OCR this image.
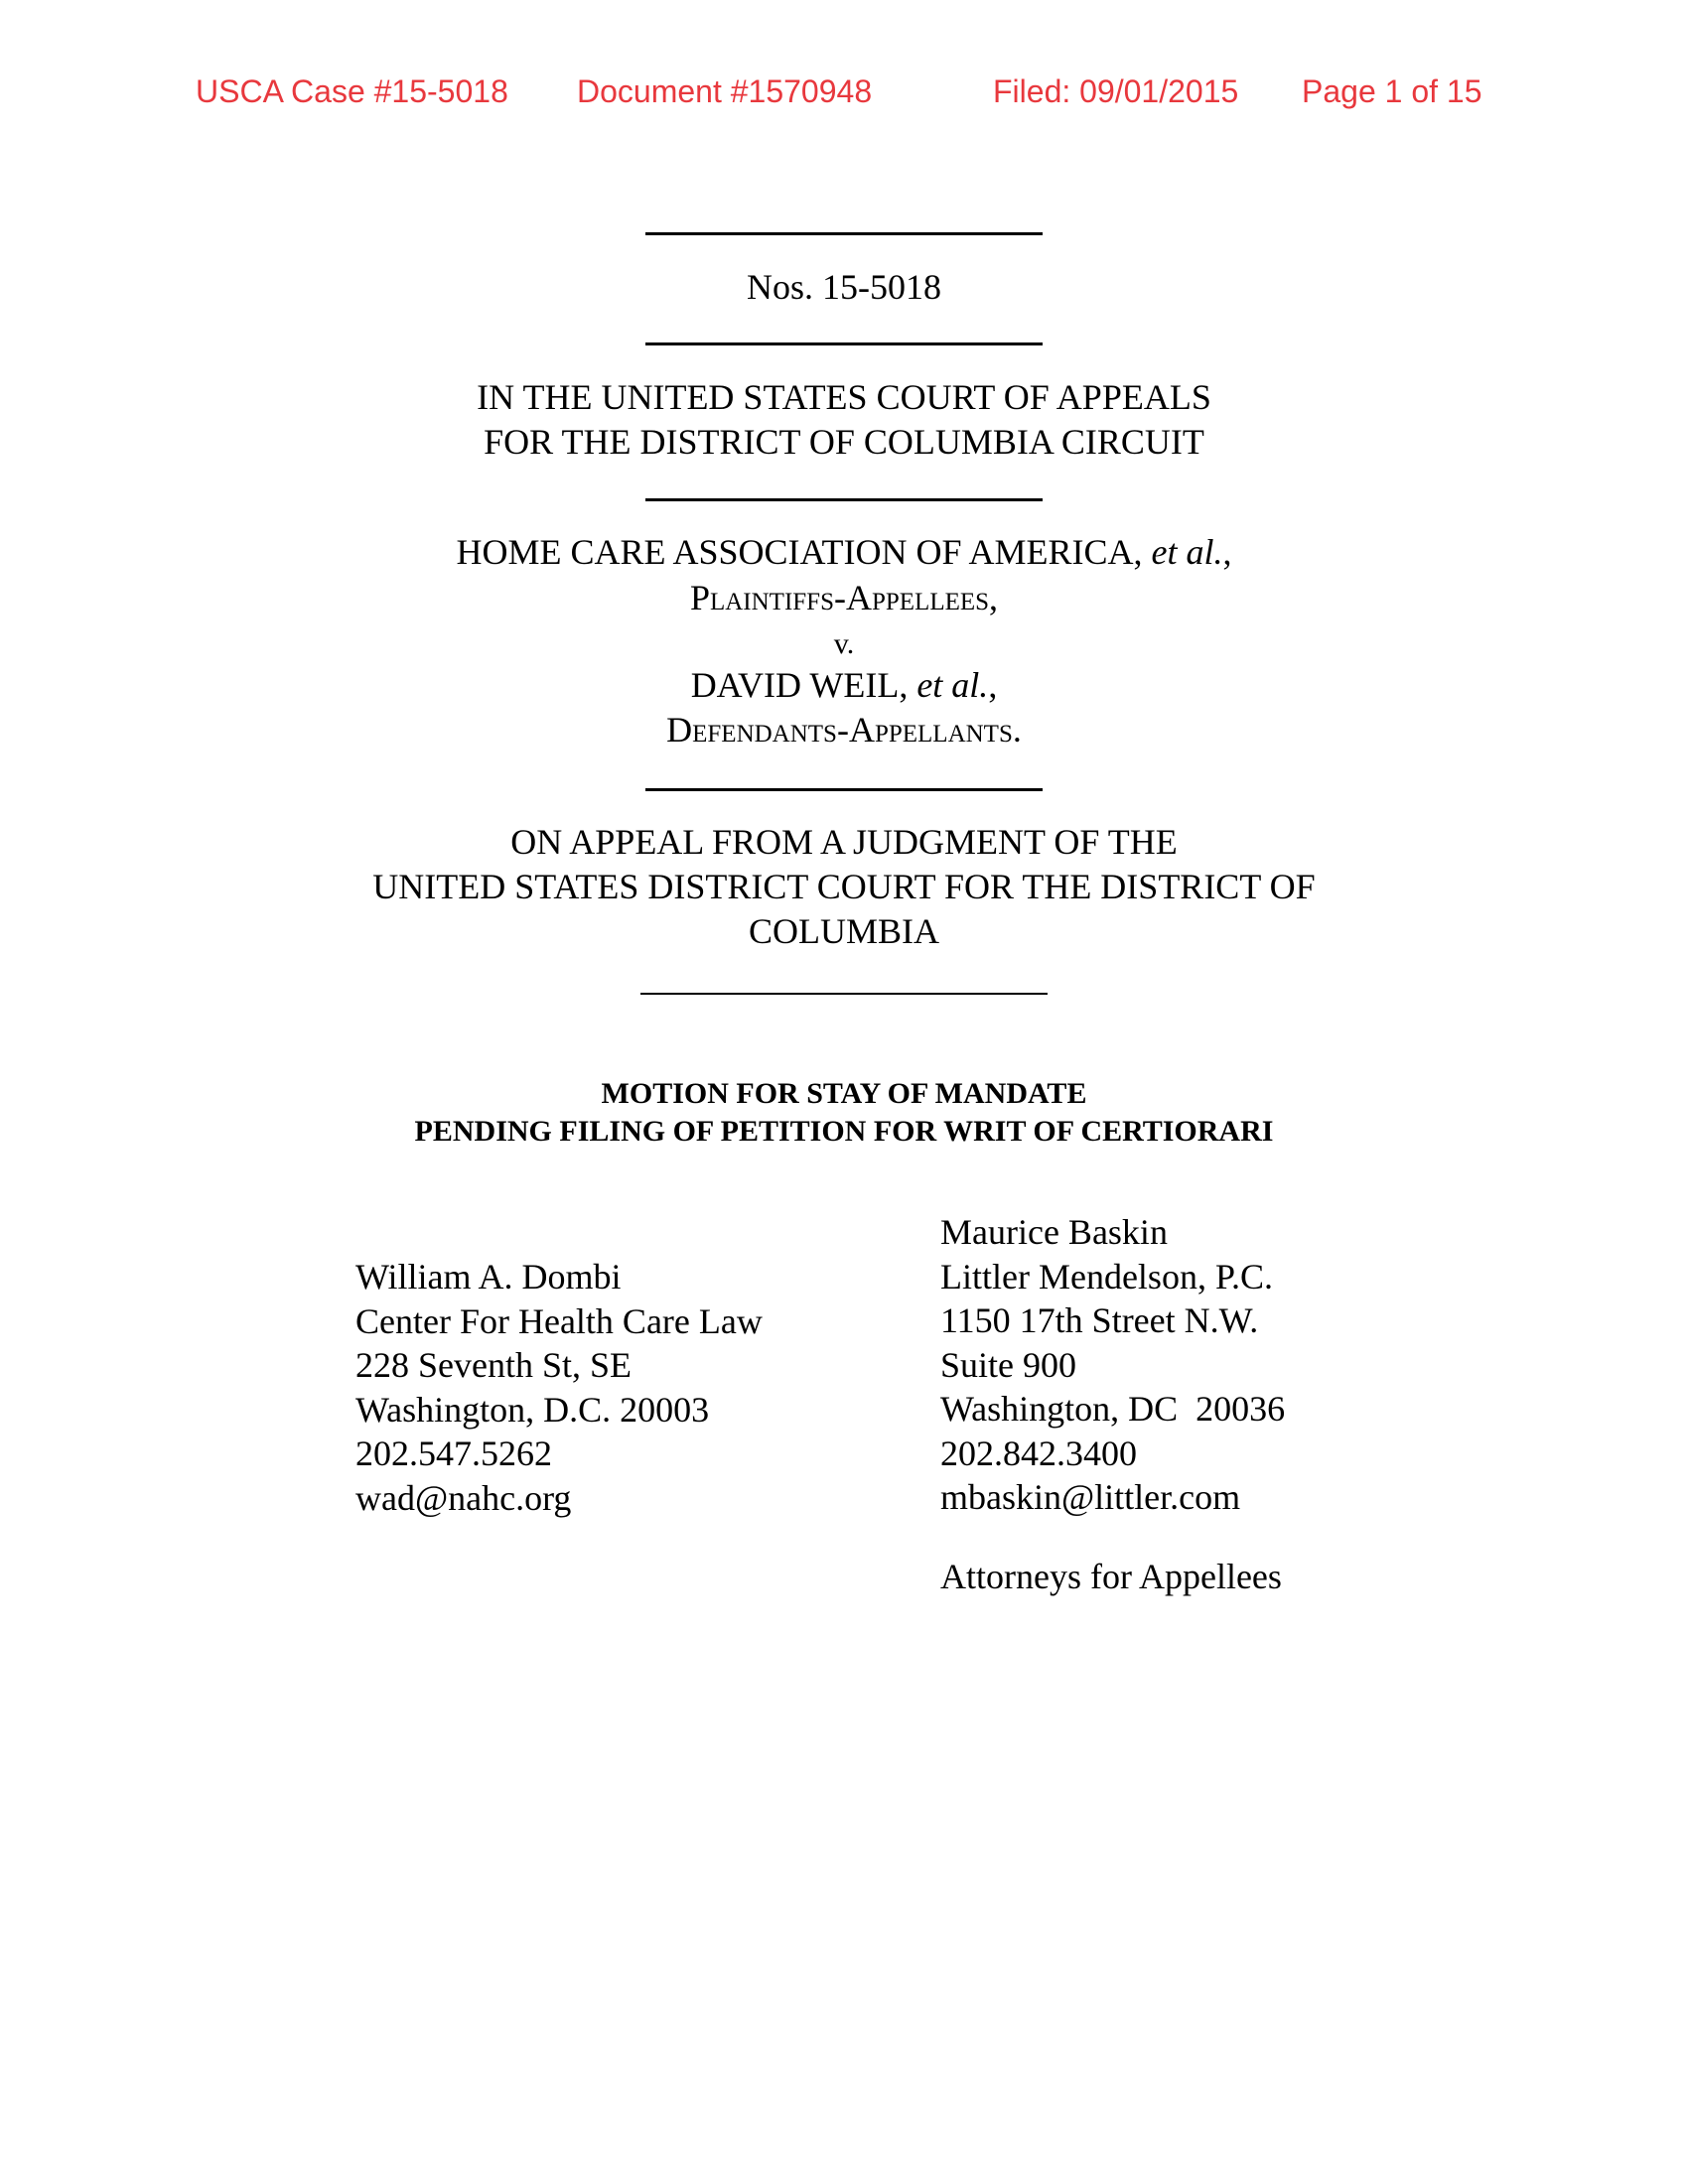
USCA Case #15-5018 Document #1570948	Filed: 09/01/2015 Page 1 of 15
Nos. 15-5018
IN THE UNITED STATES COURT OF APPEALS
FOR THE DISTRICT OF COLUMBIA CIRCUIT
HOME CARE ASSOCIATION OF AMERICA, et al.,
Plaintiffs-Appellees,
v.
DAVID WEIL, et al.,
Defendants-Appellants.
ON APPEAL FROM A JUDGMENT OF THE
UNITED STATES DISTRICT COURT FOR THE DISTRICT OF
COLUMBIA
MOTION FOR STAY OF MANDATE
PENDING FILING OF PETITION FOR WRIT OF CERTIORARI
William A. Dombi
Center For Health Care Law
228 Seventh St, SE
Washington, D.C. 20003
202.547.5262
wad@nahc.org
Maurice Baskin
Littler Mendelson, P.C.
1150 17th Street N.W.
Suite 900
Washington, DC  20036
202.842.3400
mbaskin@littler.com
Attorneys for Appellees
